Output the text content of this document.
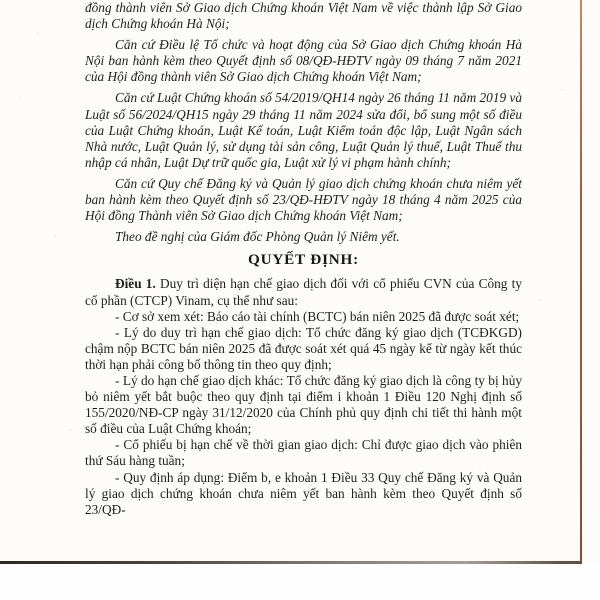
đồng thành viên Sở Giao dịch Chứng khoán Việt Nam về việc thành lập Sở Giao dịch Chứng khoán Hà Nội;

Căn cứ Điều lệ Tổ chức và hoạt động của Sở Giao dịch Chứng khoán Hà Nội ban hành kèm theo Quyết định số 08/QĐ-HĐTV ngày 09 tháng 7 năm 2021 của Hội đồng thành viên Sở Giao dịch Chứng khoán Việt Nam;

Căn cứ Luật Chứng khoán số 54/2019/QH14 ngày 26 tháng 11 năm 2019 và Luật số 56/2024/QH15 ngày 29 tháng 11 năm 2024 sửa đổi, bổ sung một số điều của Luật Chứng khoán, Luật Kế toán, Luật Kiểm toán độc lập, Luật Ngân sách Nhà nước, Luật Quản lý, sử dụng tài sản công, Luật Quản lý thuế, Luật Thuế thu nhập cá nhân, Luật Dự trữ quốc gia, Luật xử lý vi phạm hành chính;

Căn cứ Quy chế Đăng ký và Quản lý giao dịch chứng khoán chưa niêm yết ban hành kèm theo Quyết định số 23/QĐ-HĐTV ngày 18 tháng 4 năm 2025 của Hội đồng Thành viên Sở Giao dịch Chứng khoán Việt Nam;

Theo đề nghị của Giám đốc Phòng Quản lý Niêm yết.

QUYẾT ĐỊNH:

Điều 1. Duy trì diện hạn chế giao dịch đối với cổ phiếu CVN của Công ty cổ phần (CTCP) Vinam, cụ thể như sau:

- Cơ sở xem xét: Báo cáo tài chính (BCTC) bán niên 2025 đã được soát xét;

- Lý do duy trì hạn chế giao dịch: Tổ chức đăng ký giao dịch (TCĐKGD) chậm nộp BCTC bán niên 2025 đã được soát xét quá 45 ngày kể từ ngày kết thúc thời hạn phải công bố thông tin theo quy định;

- Lý do hạn chế giao dịch khác: Tổ chức đăng ký giao dịch là công ty bị hủy bỏ niêm yết bắt buộc theo quy định tại điểm i khoản 1 Điều 120 Nghị định số 155/2020/NĐ-CP ngày 31/12/2020 của Chính phủ quy định chi tiết thi hành một số điều của Luật Chứng khoán;

- Cổ phiếu bị hạn chế về thời gian giao dịch: Chỉ được giao dịch vào phiên thứ Sáu hàng tuần;

- Quy định áp dụng: Điểm b, e khoản 1 Điều 33 Quy chế Đăng ký và Quản lý giao dịch chứng khoán chưa niêm yết ban hành kèm theo Quyết định số 23/QĐ-
